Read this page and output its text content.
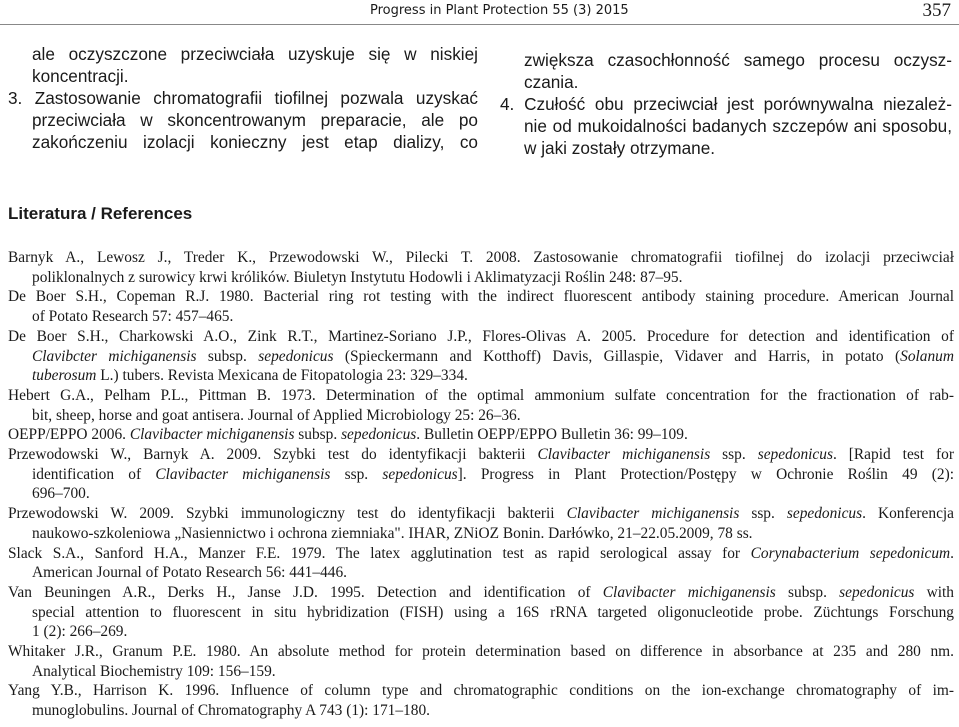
Progress in Plant Protection 55 (3) 2015	357
ale oczyszczone przeciwciała uzyskuje się w niskiej
koncentracji.
3. Zastosowanie chromatografii tiofilnej pozwala uzyskać
przeciwciała w skoncentrowanym preparacie, ale po
zakończeniu izolacji konieczny jest etap dializy, co
zwiększa czasochłonność samego procesu oczysz-
czania.
4. Czułość obu przeciwciał jest porównywalna niezależ-
nie od mukoidalności badanych szczepów ani sposobu,
w jaki zostały otrzymane.
Literatura / References
Barnyk A., Lewosz J., Treder K., Przewodowski W., Pilecki T. 2008. Zastosowanie chromatografii tiofilnej do izolacji przeciwciał
poliklonalnych z surowicy krwi królików. Biuletyn Instytutu Hodowli i Aklimatyzacji Roślin 248: 87–95.
De Boer S.H., Copeman R.J. 1980. Bacterial ring rot testing with the indirect fluorescent antibody staining procedure. American Journal
of Potato Research 57: 457–465.
De Boer S.H., Charkowski A.O., Zink R.T., Martinez-Soriano J.P., Flores-Olivas A. 2005. Procedure for detection and identification of
Clavibcter michiganensis subsp. sepedonicus (Spieckermann and Kotthoff) Davis, Gillaspie, Vidaver and Harris, in potato (Solanum
tuberosum L.) tubers. Revista Mexicana de Fitopatologia 23: 329–334.
Hebert G.A., Pelham P.L., Pittman B. 1973. Determination of the optimal ammonium sulfate concentration for the fractionation of rab-
bit, sheep, horse and goat antisera. Journal of Applied Microbiology 25: 26–36.
OEPP/EPPO 2006. Clavibacter michiganensis subsp. sepedonicus. Bulletin OEPP/EPPO Bulletin 36: 99–109.
Przewodowski W., Barnyk A. 2009. Szybki test do identyfikacji bakterii Clavibacter michiganensis ssp. sepedonicus. [Rapid test for
identification of Clavibacter michiganensis ssp. sepedonicus]. Progress in Plant Protection/Postępy w Ochronie Roślin 49 (2):
696–700.
Przewodowski W. 2009. Szybki immunologiczny test do identyfikacji bakterii Clavibacter michiganensis ssp. sepedonicus. Konferencja
naukowo-szkoleniowa „Nasiennictwo i ochrona ziemniaka". IHAR, ZNiOZ Bonin. Darłówko, 21–22.05.2009, 78 ss.
Slack S.A., Sanford H.A., Manzer F.E. 1979. The latex agglutination test as rapid serological assay for Corynabacterium sepedonicum.
American Journal of Potato Research 56: 441–446.
Van Beuningen A.R., Derks H., Janse J.D. 1995. Detection and identification of Clavibacter michiganensis subsp. sepedonicus with
special attention to fluorescent in situ hybridization (FISH) using a 16S rRNA targeted oligonucleotide probe. Züchtungs Forschung
1 (2): 266–269.
Whitaker J.R., Granum P.E. 1980. An absolute method for protein determination based on difference in absorbance at 235 and 280 nm.
Analytical Biochemistry 109: 156–159.
Yang Y.B., Harrison K. 1996. Influence of column type and chromatographic conditions on the ion-exchange chromatography of im-
munoglobulins. Journal of Chromatography A 743 (1): 171–180.
